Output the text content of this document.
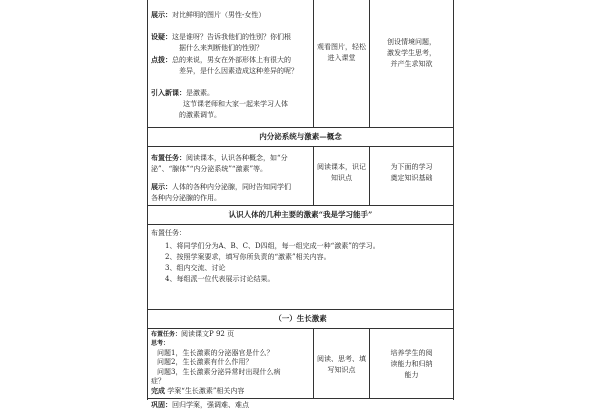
展示：对比鲜明的图片（男性-女性）

设疑：这是谁呀？告诉我他们的性别？你们根

据什么来判断他们的性别？

点拨：总的来说，男女在外部形体上有很大的

差异，是什么因素造成这种差异的呢？

引入新课：是激素。

这节课老师和大家一起来学习人体

的激素调节。

观看图片，轻松

进入课堂

创设情境问题，

激发学生思考，

并产生求知欲

内分泌系统与激素—概念

布置任务：阅读课本，认识各种概念，如“分

泌”、“腺体”“内分泌系统”“激素”等。

展示：人体的各种内分泌腺，同时告知同学们

各种内分泌腺的作用。

阅读课本，识记

知识点

为下面的学习

奠定知识基础

认识人体的几种主要的激素“我是学习能手”

布置任务：

1、将同学们分为A、B、C、D四组，每一组完成一种“激素”的学习。

2、按照学案要求，填写你所负责的“激素”相关内容。

3、组内交流、讨论

4、每组派一位代表展示讨论结果。

（一）生长激素

布置任务：阅读课文P 92 页

思考：

问题1，生长激素的分泌器官是什么？

问题2，生长激素有什么作用？

问题3，生长激素分泌异常时出现什么病

症？

完成 学案“生长激素”相关内容

巩固：回归学案，强调难、难点

阅读、思考、填

写知识点

培养学生的阅

读能力和归纳

能力
